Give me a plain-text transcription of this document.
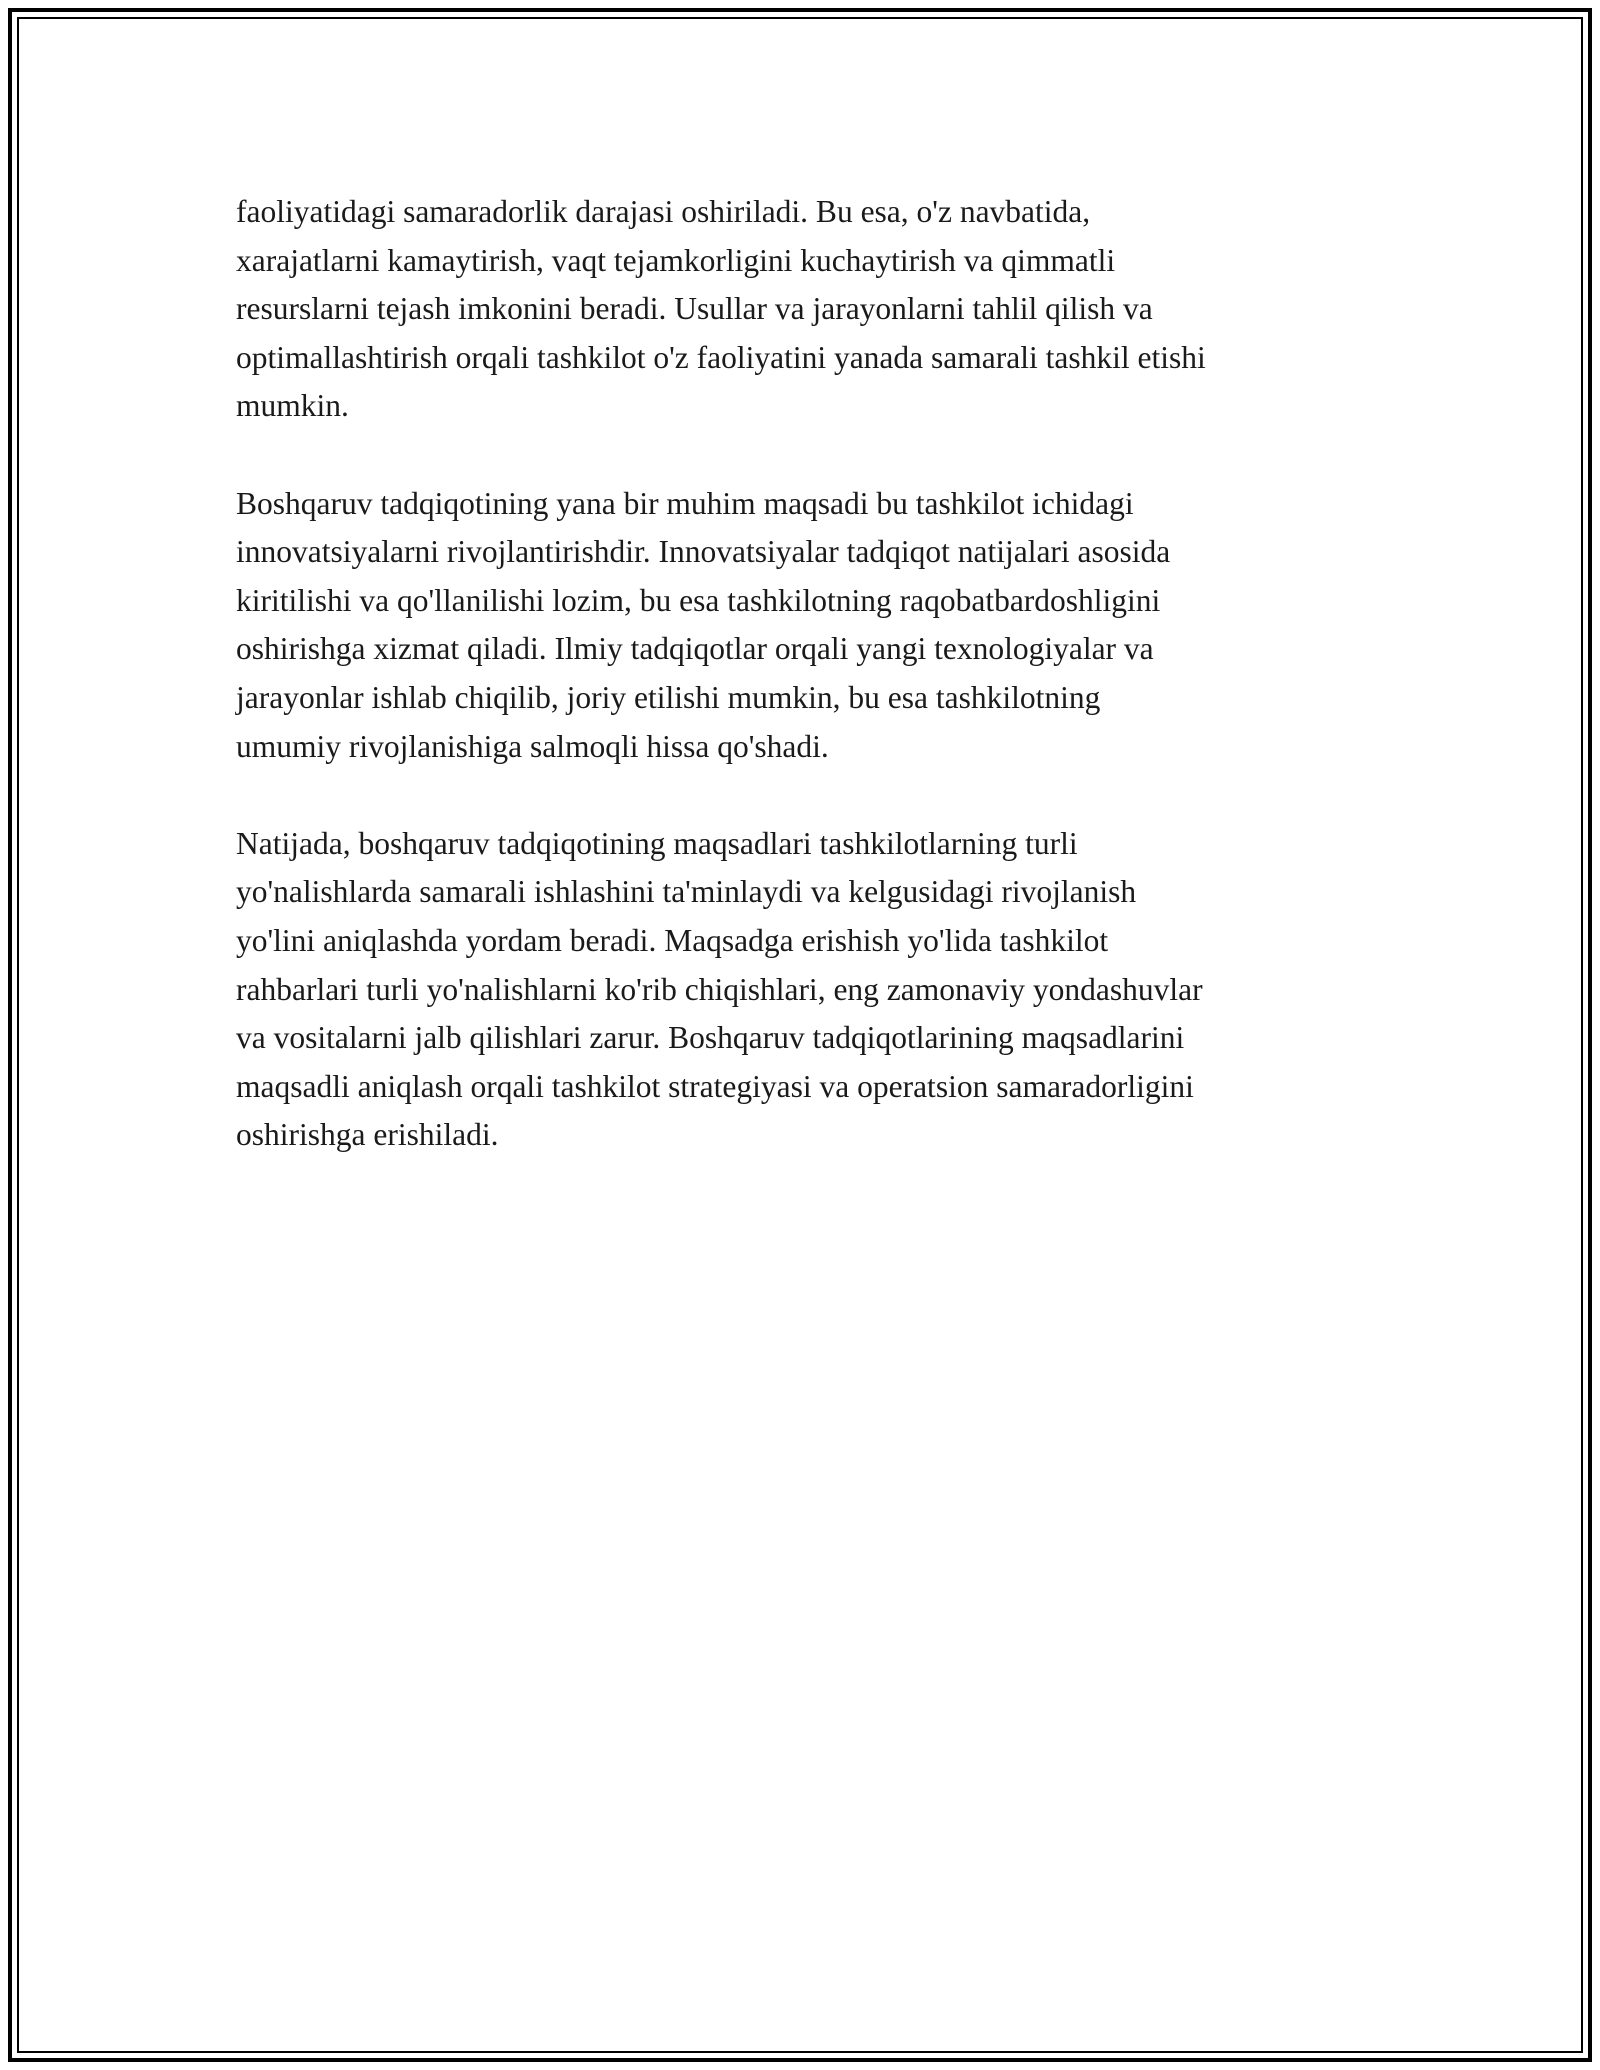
faoliyatidagi samaradorlik darajasi oshiriladi. Bu esa, o'z navbatida,
xarajatlarni kamaytirish, vaqt tejamkorligini kuchaytirish va qimmatli
resurslarni tejash imkonini beradi. Usullar va jarayonlarni tahlil qilish va
optimallashtirish orqali tashkilot o'z faoliyatini yanada samarali tashkil etishi
mumkin.

Boshqaruv tadqiqotining yana bir muhim maqsadi bu tashkilot ichidagi
innovatsiyalarni rivojlantirishdir. Innovatsiyalar tadqiqot natijalari asosida
kiritilishi va qo'llanilishi lozim, bu esa tashkilotning raqobatbardoshligini
oshirishga xizmat qiladi. Ilmiy tadqiqotlar orqali yangi texnologiyalar va
jarayonlar ishlab chiqilib, joriy etilishi mumkin, bu esa tashkilotning
umumiy rivojlanishiga salmoqli hissa qo'shadi.

Natijada, boshqaruv tadqiqotining maqsadlari tashkilotlarning turli
yo'nalishlarda samarali ishlashini ta'minlaydi va kelgusidagi rivojlanish
yo'lini aniqlashda yordam beradi. Maqsadga erishish yo'lida tashkilot
rahbarlari turli yo'nalishlarni ko'rib chiqishlari, eng zamonaviy yondashuvlar
va vositalarni jalb qilishlari zarur. Boshqaruv tadqiqotlarining maqsadlarini
maqsadli aniqlash orqali tashkilot strategiyasi va operatsion samaradorligini
oshirishga erishiladi.
